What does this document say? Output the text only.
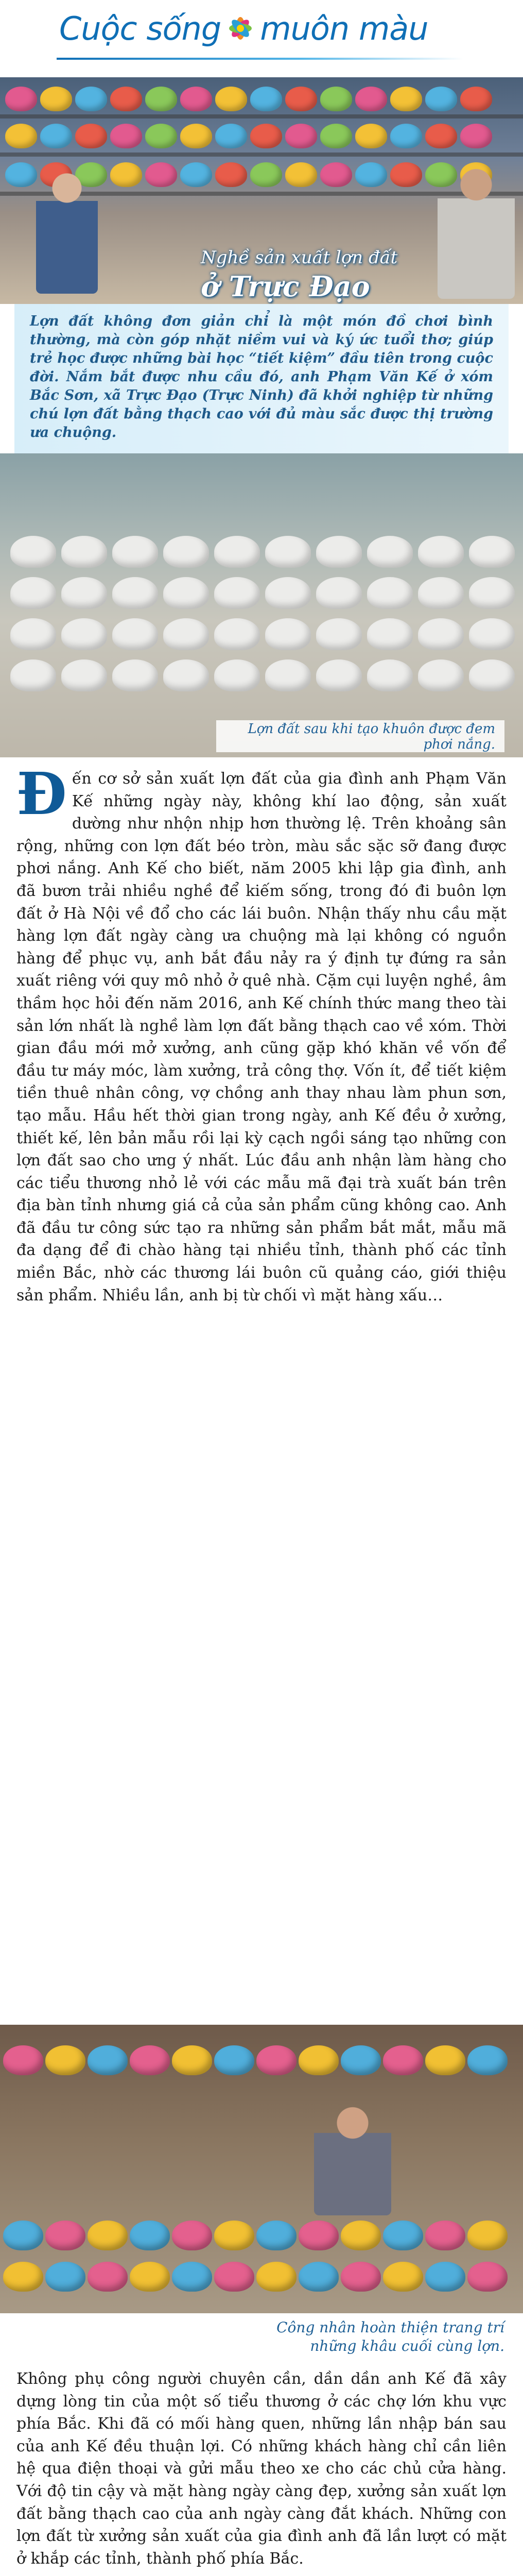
Cuộc sống muôn màu
Nghề sản xuất lợn đất
ở Trực Đạo

Lợn đất không đơn giản chỉ là một món đồ chơi bình thường, mà còn góp nhặt niềm vui và ký ức tuổi thơ; giúp trẻ học được những bài học “tiết kiệm” đầu tiên trong cuộc đời. Nắm bắt được nhu cầu đó, anh Phạm Văn Kế ở xóm Bắc Sơn, xã Trực Đạo (Trực Ninh) đã khởi nghiệp từ những chú lợn đất bằng thạch cao với đủ màu sắc được thị trường ưa chuộng.

Lợn đất sau khi tạo khuôn được đem phơi nắng.

Đến cơ sở sản xuất lợn đất của gia đình anh Phạm Văn Kế những ngày này, không khí lao động, sản xuất dường như nhộn nhịp hơn thường lệ. Trên khoảng sân rộng, những con lợn đất béo tròn, màu sắc sặc sỡ đang được phơi nắng. Anh Kế cho biết, năm 2005 khi lập gia đình, anh đã bươn trải nhiều nghề để kiếm sống, trong đó đi buôn lợn đất ở Hà Nội về đổ cho các lái buôn. Nhận thấy nhu cầu mặt hàng lợn đất ngày càng ưa chuộng mà lại không có nguồn hàng để phục vụ, anh bắt đầu nảy ra ý định tự đứng ra sản xuất riêng với quy mô nhỏ ở quê nhà. Cặm cụi luyện nghề, âm thầm học hỏi đến năm 2016, anh Kế chính thức mang theo tài sản lớn nhất là nghề làm lợn đất bằng thạch cao về xóm. Thời gian đầu mới mở xưởng, anh cũng gặp khó khăn về vốn để đầu tư máy móc, làm xưởng, trả công thợ. Vốn ít, để tiết kiệm tiền thuê nhân công, vợ chồng anh thay nhau làm phun sơn, tạo mẫu. Hầu hết thời gian trong ngày, anh Kế đều ở xưởng, thiết kế, lên bản mẫu rồi lại kỳ cạch ngồi sáng tạo những con lợn đất sao cho ưng ý nhất. Lúc đầu anh nhận làm hàng cho các tiểu thương nhỏ lẻ với các mẫu mã đại trà xuất bán trên địa bàn tỉnh nhưng giá cả của sản phẩm cũng không cao. Anh đã đầu tư công sức tạo ra những sản phẩm bắt mắt, mẫu mã đa dạng để đi chào hàng tại nhiều tỉnh, thành phố các tỉnh miền Bắc, nhờ các thương lái buôn cũ quảng cáo, giới thiệu sản phẩm. Nhiều lần, anh bị từ chối vì mặt hàng xấu…

Công nhân hoàn thiện trang trí
những khâu cuối cùng lợn.

Không phụ công người chuyên cần, dần dần anh Kế đã xây dựng lòng tin của một số tiểu thương ở các chợ lớn khu vực phía Bắc. Khi đã có mối hàng quen, những lần nhập bán sau của anh Kế đều thuận lợi. Có những khách hàng chỉ cần liên hệ qua điện thoại và gửi mẫu theo xe cho các chủ cửa hàng. Với độ tin cậy và mặt hàng ngày càng đẹp, xưởng sản xuất lợn đất bằng thạch cao của anh ngày càng đắt khách. Những con lợn đất từ xưởng sản xuất của gia đình anh đã lần lượt có mặt ở khắp các tỉnh, thành phố phía Bắc.
